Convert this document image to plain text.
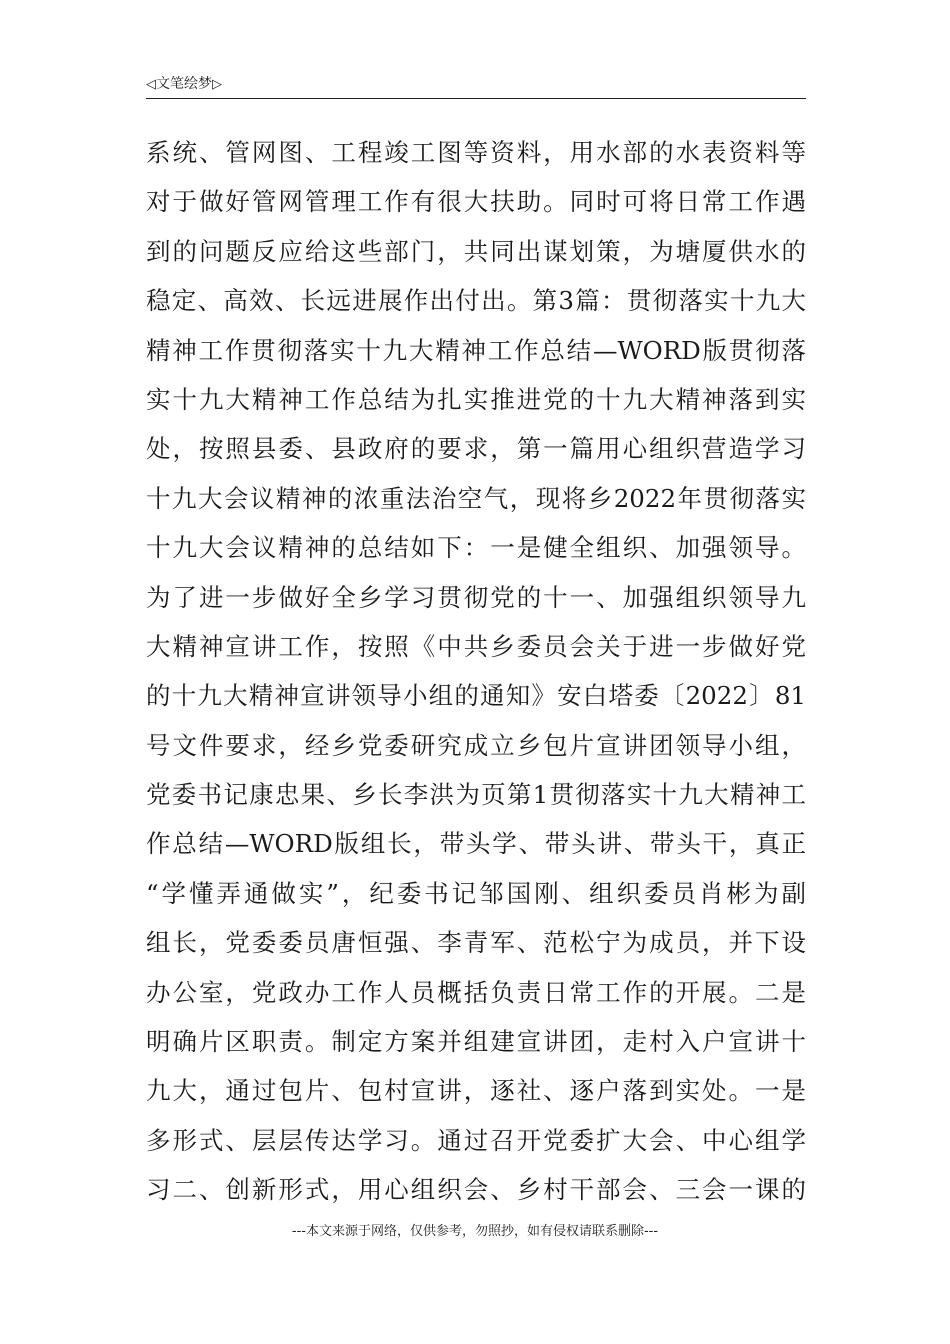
◁文笔绘梦▷
系统、管网图、工程竣工图等资料，用水部的水表资料等
对于做好管网管理工作有很大扶助。同时可将日常工作遇
到的问题反应给这些部门，共同出谋划策，为塘厦供水的
稳定、高效、长远进展作出付出。第3篇：贯彻落实十九大
精神工作贯彻落实十九大精神工作总结—WORD版贯彻落
实十九大精神工作总结为扎实推进党的十九大精神落到实
处，按照县委、县政府的要求，第一篇用心组织营造学习
十九大会议精神的浓重法治空气，现将乡2022年贯彻落实
十九大会议精神的总结如下：一是健全组织、加强领导。
为了进一步做好全乡学习贯彻党的十一、加强组织领导九
大精神宣讲工作，按照《中共乡委员会关于进一步做好党
的十九大精神宣讲领导小组的通知》安白塔委〔2022〕81
号文件要求，经乡党委研究成立乡包片宣讲团领导小组，
党委书记康忠果、乡长李洪为页第1贯彻落实十九大精神工
作总结—WORD版组长，带头学、带头讲、带头干，真正
“学懂弄通做实”，纪委书记邹国刚、组织委员肖彬为副
组长，党委委员唐恒强、李青军、范松宁为成员，并下设
办公室，党政办工作人员概括负责日常工作的开展。二是
明确片区职责。制定方案并组建宣讲团，走村入户宣讲十
九大，通过包片、包村宣讲，逐社、逐户落到实处。一是
多形式、层层传达学习。通过召开党委扩大会、中心组学
习二、创新形式，用心组织会、乡村干部会、三会一课的
---本文来源于网络，仅供参考，勿照抄，如有侵权请联系删除---
